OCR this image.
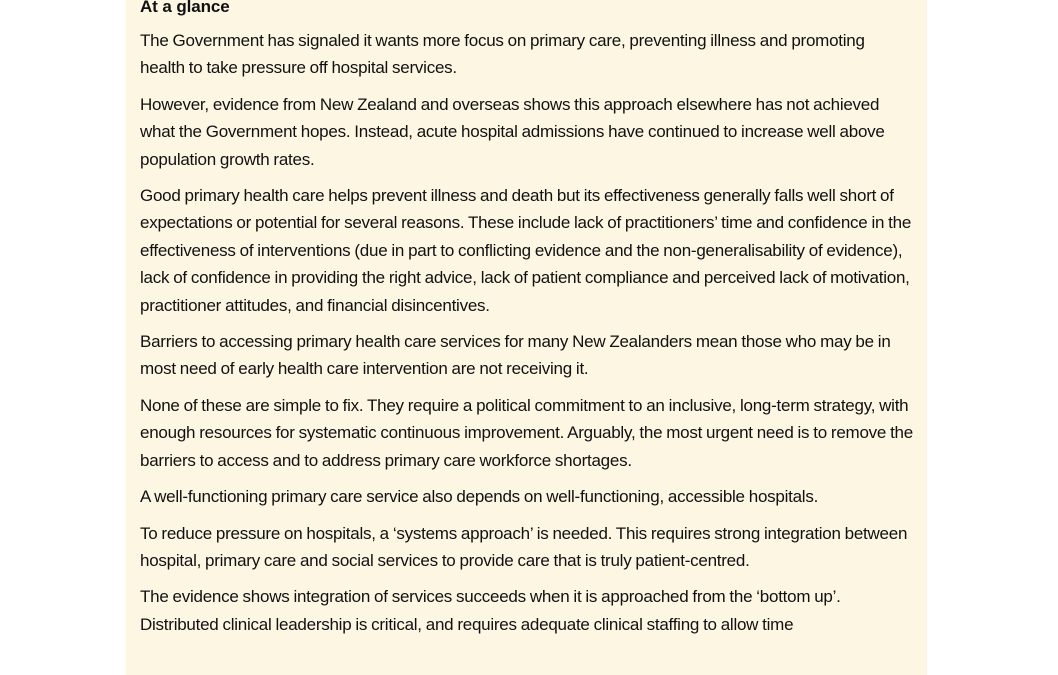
At a glance

The Government has signaled it wants more focus on primary care, preventing illness and promoting health to take pressure off hospital services.

However, evidence from New Zealand and overseas shows this approach elsewhere has not achieved what the Government hopes. Instead, acute hospital admissions have continued to increase well above population growth rates.

Good primary health care helps prevent illness and death but its effectiveness generally falls well short of expectations or potential for several reasons. These include lack of practitioners’ time and confidence in the effectiveness of interventions (due in part to conflicting evidence and the non-generalisability of evidence), lack of confidence in providing the right advice, lack of patient compliance and perceived lack of motivation, practitioner attitudes, and financial disincentives.

Barriers to accessing primary health care services for many New Zealanders mean those who may be in most need of early health care intervention are not receiving it.

None of these are simple to fix. They require a political commitment to an inclusive, long-term strategy, with enough resources for systematic continuous improvement. Arguably, the most urgent need is to remove the barriers to access and to address primary care workforce shortages.

A well-functioning primary care service also depends on well-functioning, accessible hospitals.

To reduce pressure on hospitals, a ‘systems approach’ is needed. This requires strong integration between hospital, primary care and social services to provide care that is truly patient-centred.

The evidence shows integration of services succeeds when it is approached from the ‘bottom up’. Distributed clinical leadership is critical, and requires adequate clinical staffing to allow time
